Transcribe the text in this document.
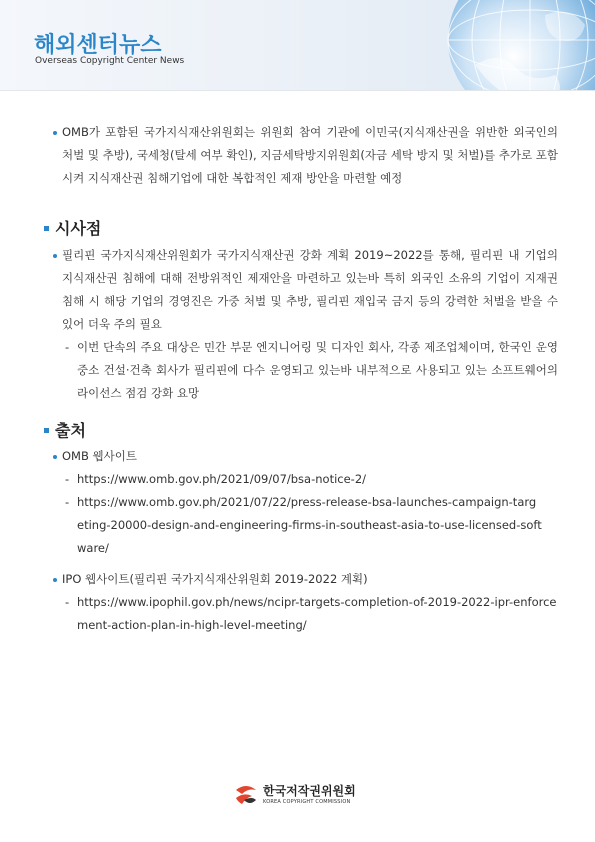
해외센터뉴스
Overseas Copyright Center News
OMB가 포함된 국가지식재산위원회는 위원회 참여 기관에 이민국(지식재산권을 위반한 외국인의 처벌 및 추방), 국세청(탈세 여부 확인), 지금세탁방지위원회(자금 세탁 방지 및 처벌)를 추가로 포함시켜 지식재산권 침해기업에 대한 복합적인 제재 방안을 마련할 예정
시사점
필리핀 국가지식재산위원회가 국가지식재산권 강화 계획 2019~2022를 통해, 필리핀 내 기업의 지식재산권 침해에 대해 전방위적인 제재안을 마련하고 있는바 특히 외국인 소유의 기업이 지재권 침해 시 해당 기업의 경영진은 가중 처벌 및 추방, 필리핀 재입국 금지 등의 강력한 처벌을 받을 수 있어 더욱 주의 필요
- 이번 단속의 주요 대상은 민간 부문 엔지니어링 및 디자인 회사, 각종 제조업체이며, 한국인 운영 중소 건설·건축 회사가 필리핀에 다수 운영되고 있는바 내부적으로 사용되고 있는 소프트웨어의 라이선스 점검 강화 요망
출처
OMB 웹사이트
- https://www.omb.gov.ph/2021/09/07/bsa-notice-2/
- https://www.omb.gov.ph/2021/07/22/press-release-bsa-launches-campaign-targeting-20000-design-and-engineering-firms-in-southeast-asia-to-use-licensed-software/
IPO 웹사이트(필리핀 국가지식재산위원회 2019-2022 계획)
- https://www.ipophil.gov.ph/news/ncipr-targets-completion-of-2019-2022-ipr-enforcement-action-plan-in-high-level-meeting/
한국저작권위원회
KOREA COPYRIGHT COMMISSION
